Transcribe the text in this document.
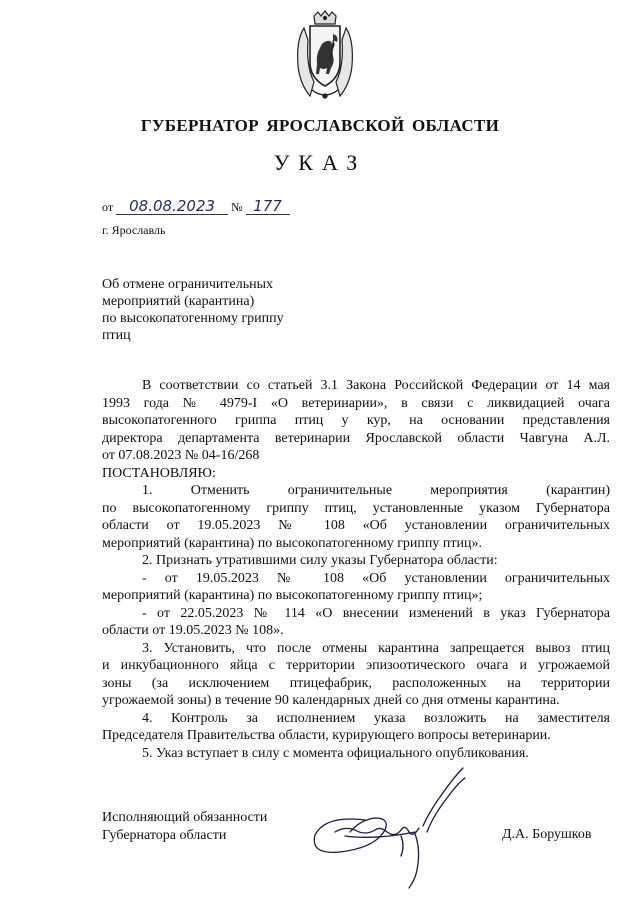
ГУБЕРНАТОР ЯРОСЛАВСКОЙ ОБЛАСТИ
УКАЗ
от 08.08.2023 № 177
г. Ярославль
Об отмене ограничительных
мероприятий (карантина)
по высокопатогенному гриппу
птиц
В соответствии со статьей 3.1 Закона Российской Федерации от 14 мая
1993 года № 4979-I «О ветеринарии», в связи с ликвидацией очага
высокопатогенного гриппа птиц у кур, на основании представления
директора департамента ветеринарии Ярославской области Чавгуна А.Л.
от 07.08.2023 № 04-16/268
ПОСТАНОВЛЯЮ:
1. Отменить ограничительные мероприятия (карантин)
по высокопатогенному гриппу птиц, установленные указом Губернатора
области от 19.05.2023 № 108 «Об установлении ограничительных
мероприятий (карантина) по высокопатогенному гриппу птиц».
2. Признать утратившими силу указы Губернатора области:
- от 19.05.2023 № 108 «Об установлении ограничительных
мероприятий (карантина) по высокопатогенному гриппу птиц»;
- от 22.05.2023 № 114 «О внесении изменений в указ Губернатора
области от 19.05.2023 № 108».
3. Установить, что после отмены карантина запрещается вывоз птиц
и инкубационного яйца с территории эпизоотического очага и угрожаемой
зоны (за исключением птицефабрик, расположенных на территории
угрожаемой зоны) в течение 90 календарных дней со дня отмены карантина.
4. Контроль за исполнением указа возложить на заместителя
Председателя Правительства области, курирующего вопросы ветеринарии.
5. Указ вступает в силу с момента официального опубликования.
Исполняющий обязанности
Губернатора области	Д.А. Борушков
